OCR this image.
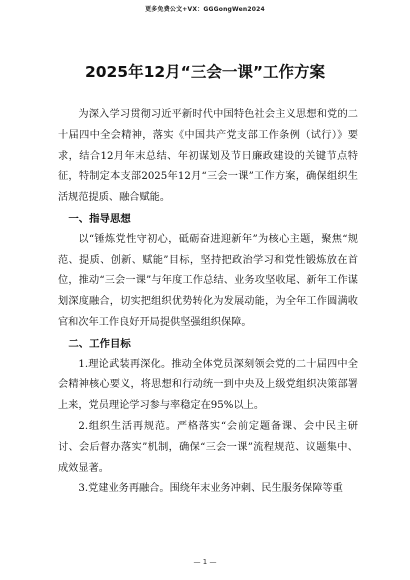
更多免费公文+VX：GGGongWen2024
2025年12月“三会一课”工作方案

为深入学习贯彻习近平新时代中国特色社会主义思想和党的二十届四中全会精神，落实《中国共产党支部工作条例（试行）》要求，结合12月年末总结、年初谋划及节日廉政建设的关键节点特征，特制定本支部2025年12月“三会一课”工作方案，确保组织生活规范提质、融合赋能。

一、指导思想

以“锤炼党性守初心，砥砺奋进迎新年”为核心主题，聚焦“规范、提质、创新、赋能”目标，坚持把政治学习和党性锻炼放在首位，推动“三会一课”与年度工作总结、业务攻坚收尾、新年工作谋划深度融合，切实把组织优势转化为发展动能，为全年工作圆满收官和次年工作良好开局提供坚强组织保障。

二、工作目标

1.理论武装再深化。推动全体党员深刻领会党的二十届四中全会精神核心要义，将思想和行动统一到中央及上级党组织决策部署上来，党员理论学习参与率稳定在95%以上。

2.组织生活再规范。严格落实“会前定题备课、会中民主研讨、会后督办落实”机制，确保“三会一课”流程规范、议题集中、成效显著。

3.党建业务再融合。围绕年末业务冲刺、民生服务保障等重

— 1 —
